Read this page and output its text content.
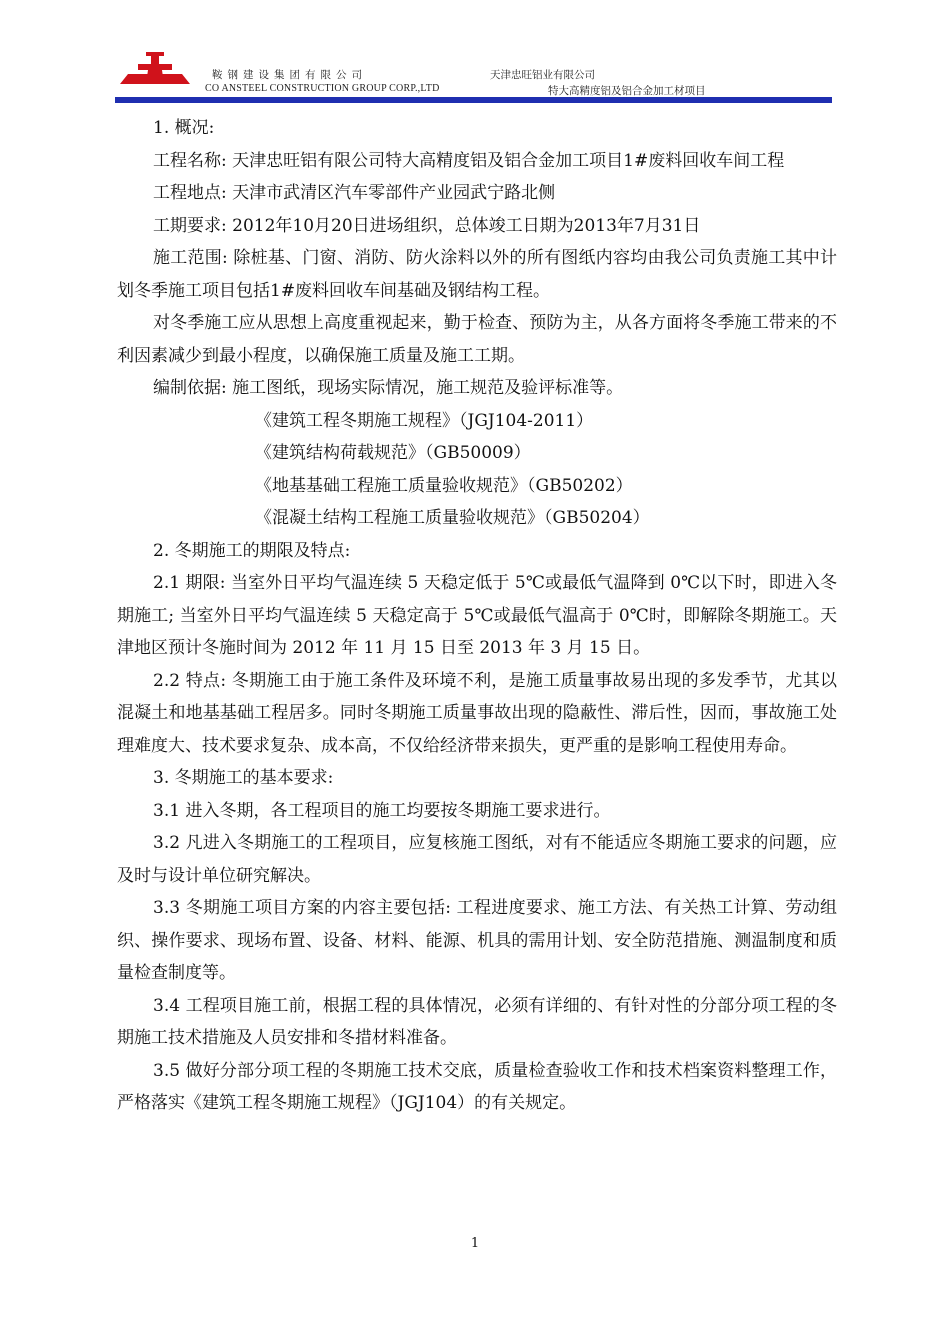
鞍钢建设集团有限公司
CO ANSTEEL CONSTRUCTION GROUP CORP.,LTD
天津忠旺铝业有限公司
特大高精度铝及铝合金加工材项目

1. 概况:

工程名称: 天津忠旺铝有限公司特大高精度铝及铝合金加工项目1#废料回收车间工程

工程地点: 天津市武清区汽车零部件产业园武宁路北侧

工期要求: 2012年10月20日进场组织，总体竣工日期为2013年7月31日

施工范围: 除桩基、门窗、消防、防火涂料以外的所有图纸内容均由我公司负责施工其中计划冬季施工项目包括1#废料回收车间基础及钢结构工程。

对冬季施工应从思想上高度重视起来，勤于检查、预防为主，从各方面将冬季施工带来的不利因素减少到最小程度，以确保施工质量及施工工期。

编制依据: 施工图纸，现场实际情况，施工规范及验评标准等。

《建筑工程冬期施工规程》（JGJ104-2011）

《建筑结构荷载规范》（GB50009）

《地基基础工程施工质量验收规范》（GB50202）

《混凝土结构工程施工质量验收规范》（GB50204）

2. 冬期施工的期限及特点:

2.1 期限: 当室外日平均气温连续 5 天稳定低于 5℃或最低气温降到 0℃以下时，即进入冬期施工; 当室外日平均气温连续 5 天稳定高于 5℃或最低气温高于 0℃时，即解除冬期施工。天津地区预计冬施时间为 2012 年 11 月 15 日至 2013 年 3 月 15 日。

2.2 特点: 冬期施工由于施工条件及环境不利，是施工质量事故易出现的多发季节，尤其以混凝土和地基基础工程居多。同时冬期施工质量事故出现的隐蔽性、滞后性，因而，事故施工处理难度大、技术要求复杂、成本高，不仅给经济带来损失，更严重的是影响工程使用寿命。

3. 冬期施工的基本要求:

3.1 进入冬期，各工程项目的施工均要按冬期施工要求进行。

3.2 凡进入冬期施工的工程项目，应复核施工图纸，对有不能适应冬期施工要求的问题，应及时与设计单位研究解决。

3.3 冬期施工项目方案的内容主要包括: 工程进度要求、施工方法、有关热工计算、劳动组织、操作要求、现场布置、设备、材料、能源、机具的需用计划、安全防范措施、测温制度和质量检查制度等。

3.4 工程项目施工前，根据工程的具体情况，必须有详细的、有针对性的分部分项工程的冬期施工技术措施及人员安排和冬措材料准备。

3.5 做好分部分项工程的冬期施工技术交底，质量检查验收工作和技术档案资料整理工作，严格落实《建筑工程冬期施工规程》（JGJ104）的有关规定。

1
